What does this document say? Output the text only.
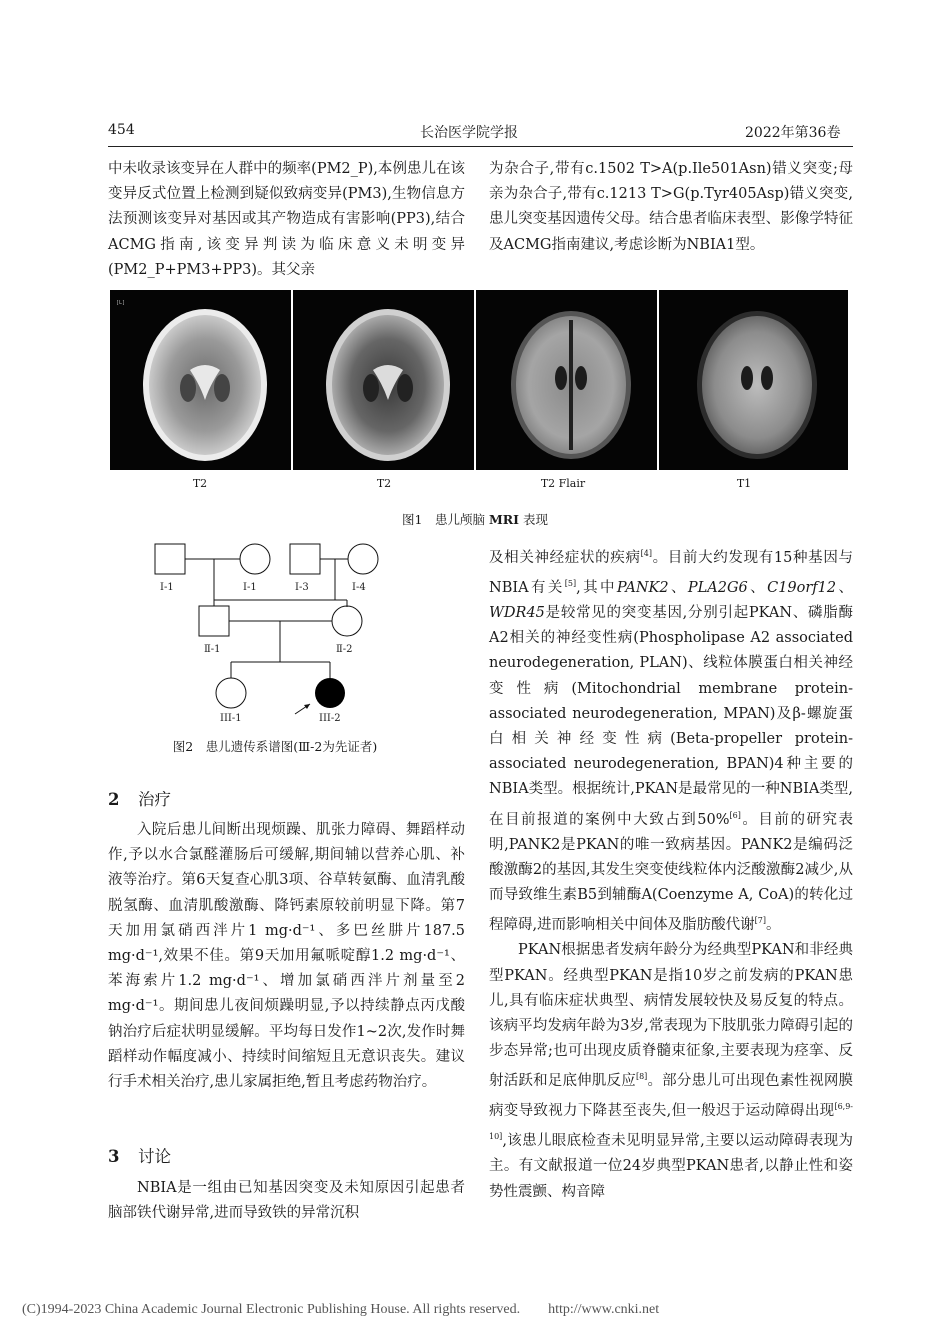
454	长治医学院学报	2022年第36卷

中未收录该变异在人群中的频率(PM2_P),本例患儿在该变异反式位置上检测到疑似致病变异(PM3),生物信息方法预测该变异对基因或其产物造成有害影响(PP3),结合ACMG指南,该变异判读为临床意义未明变异(PM2_P+PM3+PP3)。其父亲

为杂合子,带有c.1502 T>A(p.Ile501Asn)错义突变;母亲为杂合子,带有c.1213 T>G(p.Tyr405Asp)错义突变,患儿突变基因遗传父母。结合患者临床表型、影像学特征及ACMG指南建议,考虑诊断为NBIA1型。

[L]
T2	T2	T2 Flair	T1
图1　 患儿颅脑 MRI 表现
Ⅰ-1	Ⅰ-1	Ⅰ-3	Ⅰ-4
Ⅱ-1	Ⅱ-2
III-1	III-2
图2　患儿遗传系谱图(Ⅲ-2为先证者)
2 治疗

入院后患儿间断出现烦躁、肌张力障碍、舞蹈样动作,予以水合氯醛灌肠后可缓解,期间辅以营养心肌、补液等治疗。第6天复查心肌3项、谷草转氨酶、血清乳酸脱氢酶、血清肌酸激酶、降钙素原较前明显下降。第7天加用氯硝西泮片1 mg·d⁻¹、多巴丝肼片187.5 mg·d⁻¹,效果不佳。第9天加用氟哌啶醇1.2 mg·d⁻¹、苯海索片1.2 mg·d⁻¹、增加氯硝西泮片剂量至2 mg·d⁻¹。期间患儿夜间烦躁明显,予以持续静点丙戊酸钠治疗后症状明显缓解。平均每日发作1~2次,发作时舞蹈样动作幅度减小、持续时间缩短且无意识丧失。建议行手术相关治疗,患儿家属拒绝,暂且考虑药物治疗。

3 讨论

NBIA是一组由已知基因突变及未知原因引起患者脑部铁代谢异常,进而导致铁的异常沉积

及相关神经症状的疾病[4]。目前大约发现有15种基因与NBIA有关[5],其中PANK2、PLA2G6、C19orf12、WDR45是较常见的突变基因,分别引起PKAN、磷脂酶A2相关的神经变性病(Phospholipase A2 associated neurodegeneration, PLAN)、线粒体膜蛋白相关神经变性病(Mitochondrial membrane protein-associated neurodegeneration, MPAN)及β-螺旋蛋白相关神经变性病(Beta-propeller protein-associated neurodegeneration, BPAN)4种主要的NBIA类型。根据统计,PKAN是最常见的一种NBIA类型,在目前报道的案例中大致占到50%[6]。目前的研究表明,PANK2是PKAN的唯一致病基因。PANK2是编码泛酸激酶2的基因,其发生突变使线粒体内泛酸激酶2减少,从而导致维生素B5到辅酶A(Coenzyme A, CoA)的转化过程障碍,进而影响相关中间体及脂肪酸代谢[7]。

PKAN根据患者发病年龄分为经典型PKAN和非经典型PKAN。经典型PKAN是指10岁之前发病的PKAN患儿,具有临床症状典型、病情发展较快及易反复的特点。该病平均发病年龄为3岁,常表现为下肢肌张力障碍引起的步态异常;也可出现皮质脊髓束征象,主要表现为痉挛、反射活跃和足底伸肌反应[8]。部分患儿可出现色素性视网膜病变导致视力下降甚至丧失,但一般迟于运动障碍出现[6,9-10],该患儿眼底检查未见明显异常,主要以运动障碍表现为主。有文献报道一位24岁典型PKAN患者,以静止性和姿势性震颤、构音障

(C)1994-2023 China Academic Journal Electronic Publishing House. All rights reserved.　　http://www.cnki.net
